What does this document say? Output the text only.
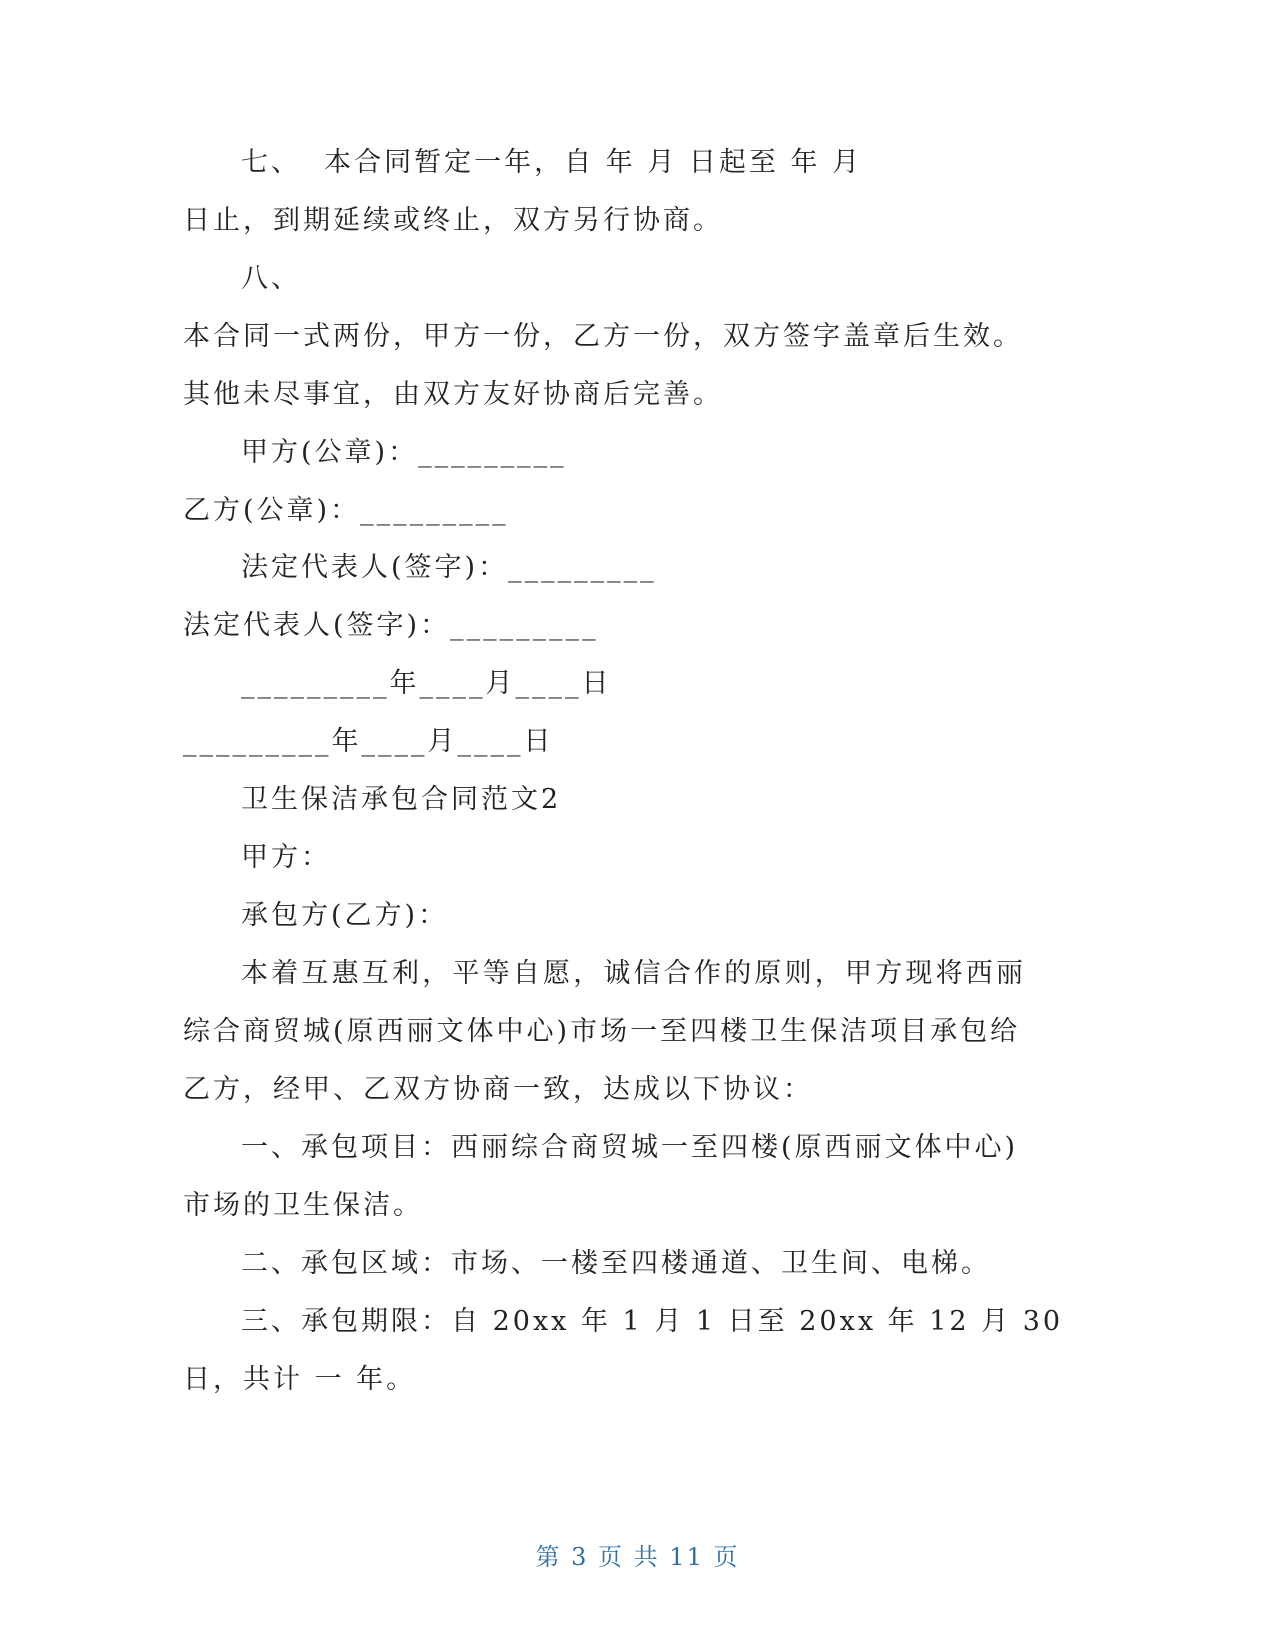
七、  本合同暂定一年，自 年 月 日起至 年 月
日止，到期延续或终止，双方另行协商。
八、
本合同一式两份，甲方一份，乙方一份，双方签字盖章后生效。
其他未尽事宜，由双方友好协商后完善。
甲方(公章)：_________
乙方(公章)：_________
法定代表人(签字)：_________
法定代表人(签字)：_________
_________年____月____日
_________年____月____日
卫生保洁承包合同范文2
甲方：
承包方(乙方)：
本着互惠互利，平等自愿，诚信合作的原则，甲方现将西丽
综合商贸城(原西丽文体中心)市场一至四楼卫生保洁项目承包给
乙方，经甲、乙双方协商一致，达成以下协议：
一、承包项目：西丽综合商贸城一至四楼(原西丽文体中心)
市场的卫生保洁。
二、承包区域：市场、一楼至四楼通道、卫生间、电梯。
三、承包期限：自 20xx 年 1 月 1 日至 20xx 年 12 月 30
日，共计 一 年。
第 3 页 共 11 页
